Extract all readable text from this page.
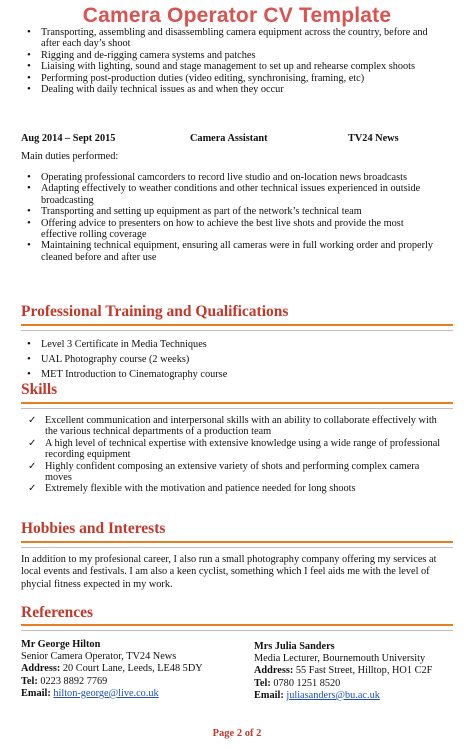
Camera Operator CV Template
• Transporting, assembling and disassembling camera equipment across the country, before and after each day’s shoot
• Rigging and de-rigging camera systems and patches
• Liaising with lighting, sound and stage management to set up and rehearse complex shoots
• Performing post-production duties (video editing, synchronising, framing, etc)
• Dealing with daily technical issues as and when they occur
Aug 2014 – Sept 2015	Camera Assistant	TV24 News
Main duties performed:
• Operating professional camcorders to record live studio and on-location news broadcasts
• Adapting effectively to weather conditions and other technical issues experienced in outside broadcasting
• Transporting and setting up equipment as part of the network’s technical team
• Offering advice to presenters on how to achieve the best live shots and provide the most effective rolling coverage
• Maintaining technical equipment, ensuring all cameras were in full working order and properly cleaned before and after use
Professional Training and Qualifications
• Level 3 Certificate in Media Techniques
• UAL Photography course (2 weeks)
• MET Introduction to Cinematography course
Skills
✓ Excellent communication and interpersonal skills with an ability to collaborate effectively with the various technical departments of a production team
✓ A high level of technical expertise with extensive knowledge using a wide range of professional recording equipment
✓ Highly confident composing an extensive variety of shots and performing complex camera moves
✓ Extremely flexible with the motivation and patience needed for long shoots
Hobbies and Interests
In addition to my profesional career, I also run a small photography company offering my services at local events and festivals. I am also a keen cyclist, something which I feel aids me with the level of phycial fitness expected in my work.
References
Mr George Hilton
Senior Camera Operator, TV24 News
Address: 20 Court Lane, Leeds, LE48 5DY
Tel: 0223 8892 7769
Email: hilton-george@live.co.uk
Mrs Julia Sanders
Media Lecturer, Bournemouth University
Address: 55 Fast Street, Hilltop, HO1 C2F
Tel: 0780 1251 8520
Email: juliasanders@bu.ac.uk
Page 2 of 2
